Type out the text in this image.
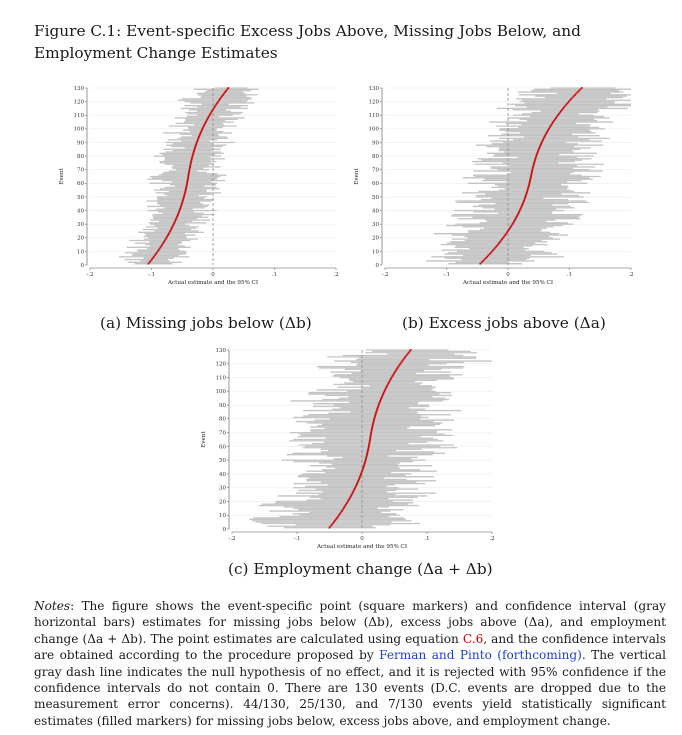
Figure C.1: Event-specific Excess Jobs Above, Missing Jobs Below, and Employment Change Estimates
0
10
20
30
40
50
60
70
80
90
100
110
120
130
-.2	-.1	0	.1	.2
Actual estimate and the 95% CI
Event
(a) Missing jobs below (Δb)
0
10
20
30
40
50
60
70
80
90
100
110
120
130
-.2	-.1	0	.1	.2
Actual estimate and the 95% CI
Event
(b) Excess jobs above (Δa)
0
10
20
30
40
50
60
70
80
90
100
110
120
130
-.2	-.1	0	.1	.2
Actual estimate and the 95% CI
Event
(c) Employment change (Δa + Δb)
Notes: The figure shows the event-specific point (square markers) and confidence interval (gray horizontal bars) estimates for missing jobs below (Δb), excess jobs above (Δa), and employment change (Δa + Δb). The point estimates are calculated using equation C.6, and the confidence intervals are obtained according to the procedure proposed by Ferman and Pinto (forthcoming). The vertical gray dash line indicates the null hypothesis of no effect, and it is rejected with 95% confidence if the confidence intervals do not contain 0. There are 130 events (D.C. events are dropped due to the measurement error concerns). 44/130, 25/130, and 7/130 events yield statistically significant estimates (filled markers) for missing jobs below, excess jobs above, and employment change.
